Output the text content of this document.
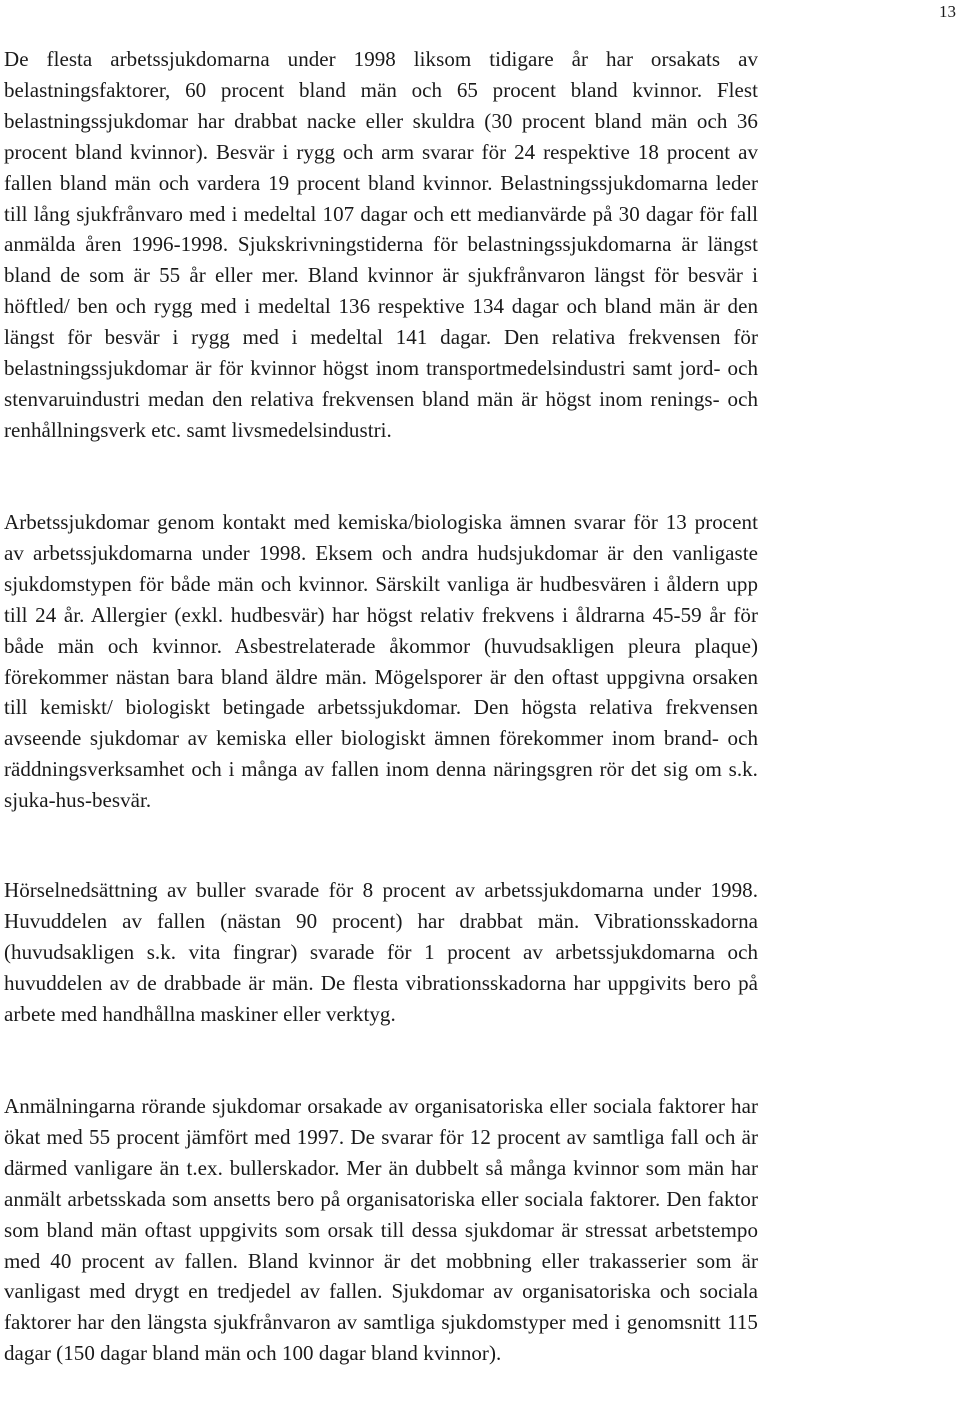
13

De flesta arbetssjukdomarna under 1998 liksom tidigare år har orsakats av belastningsfaktorer, 60 procent bland män och 65 procent bland kvinnor. Flest belastningssjukdomar har drabbat nacke eller skuldra (30 procent bland män och 36 procent bland kvinnor). Besvär i rygg och arm svarar för 24 respektive 18 procent av fallen bland män och vardera 19 procent bland kvinnor. Belastningssjukdomarna leder till lång sjukfrånvaro med i medeltal 107 dagar och ett medianvärde på 30 dagar för fall anmälda åren 1996-1998. Sjukskrivningstiderna för belastningssjukdomarna är längst bland de som är 55 år eller mer. Bland kvinnor är sjukfrånvaron längst för besvär i höftled/ ben och rygg med i medeltal 136 respektive 134 dagar och bland män är den längst för besvär i rygg med i medeltal 141 dagar. Den relativa frekvensen för belastningssjukdomar är för kvinnor högst inom transportmedelsindustri samt jord- och stenvaruindustri medan den relativa frekvensen bland män är högst inom renings- och renhållningsverk etc. samt livsmedelsindustri.

Arbetssjukdomar genom kontakt med kemiska/biologiska ämnen svarar för 13 procent av arbetssjukdomarna under 1998. Eksem och andra hudsjukdomar är den vanligaste sjukdomstypen för både män och kvinnor. Särskilt vanliga är hudbesvären i åldern upp till 24 år. Allergier (exkl. hudbesvär) har högst relativ frekvens i åldrarna 45-59 år för både män och kvinnor. Asbestrelaterade åkommor (huvudsakligen pleura plaque) förekommer nästan bara bland äldre män. Mögelsporer är den oftast uppgivna orsaken till kemiskt/ biologiskt betingade arbetssjukdomar. Den högsta relativa frekvensen avseende sjukdomar av kemiska eller biologiskt ämnen förekommer inom brand- och räddningsverksamhet och i många av fallen inom denna näringsgren rör det sig om s.k. sjuka-hus-besvär.

Hörselnedsättning av buller svarade för 8 procent av arbetssjukdomarna under 1998. Huvuddelen av fallen (nästan 90 procent) har drabbat män. Vibrationsskadorna (huvudsakligen s.k. vita fingrar) svarade för 1 procent av arbetssjukdomarna och huvuddelen av de drabbade är män. De flesta vibrationsskadorna har uppgivits bero på arbete med handhållna maskiner eller verktyg.

Anmälningarna rörande sjukdomar orsakade av organisatoriska eller sociala faktorer har ökat med 55 procent jämfört med 1997. De svarar för 12 procent av samtliga fall och är därmed vanligare än t.ex. bullerskador. Mer än dubbelt så många kvinnor som män har anmält arbetsskada som ansetts bero på organisatoriska eller sociala faktorer. Den faktor som bland män oftast uppgivits som orsak till dessa sjukdomar är stressat arbetstempo med 40 procent av fallen. Bland kvinnor är det mobbning eller trakasserier som är vanligast med drygt en tredjedel av fallen. Sjukdomar av organisatoriska och sociala faktorer har den längsta sjukfrånvaron av samtliga sjukdomstyper med i genomsnitt 115 dagar (150 dagar bland män och 100 dagar bland kvinnor).
